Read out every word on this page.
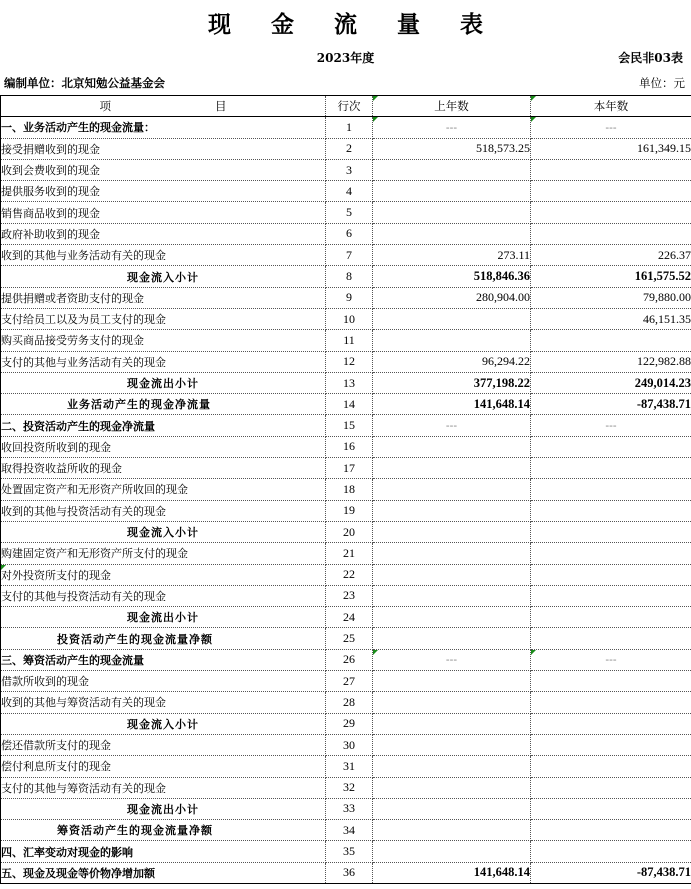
现 金 流 量 表
2023年度	会民非03表
编制单位：北京知勉公益基金会	单位：元
项 目	行次	上年数	本年数
一、业务活动产生的现金流量：	1	---	---
接受捐赠收到的现金	2	518,573.25	161,349.15
收到会费收到的现金	3		
提供服务收到的现金	4		
销售商品收到的现金	5		
政府补助收到的现金	6		
收到的其他与业务活动有关的现金	7	273.11	226.37
现金流入小计	8	518,846.36	161,575.52
提供捐赠或者资助支付的现金	9	280,904.00	79,880.00
支付给员工以及为员工支付的现金	10		46,151.35
购买商品接受劳务支付的现金	11		
支付的其他与业务活动有关的现金	12	96,294.22	122,982.88
现金流出小计	13	377,198.22	249,014.23
业务活动产生的现金净流量	14	141,648.14	-87,438.71
二、投资活动产生的现金净流量	15	---	---
收回投资所收到的现金	16		
取得投资收益所收的现金	17		
处置固定资产和无形资产所收回的现金	18		
收到的其他与投资活动有关的现金	19		
现金流入小计	20		
购建固定资产和无形资产所支付的现金	21		
对外投资所支付的现金	22		
支付的其他与投资活动有关的现金	23		
现金流出小计	24		
投资活动产生的现金流量净额	25		
三、筹资活动产生的现金流量	26	---	---
借款所收到的现金	27		
收到的其他与筹资活动有关的现金	28		
现金流入小计	29		
偿还借款所支付的现金	30		
偿付利息所支付的现金	31		
支付的其他与筹资活动有关的现金	32		
现金流出小计	33		
筹资活动产生的现金流量净额	34		
四、汇率变动对现金的影响	35		
五、现金及现金等价物净增加额	36	141,648.14	-87,438.71
